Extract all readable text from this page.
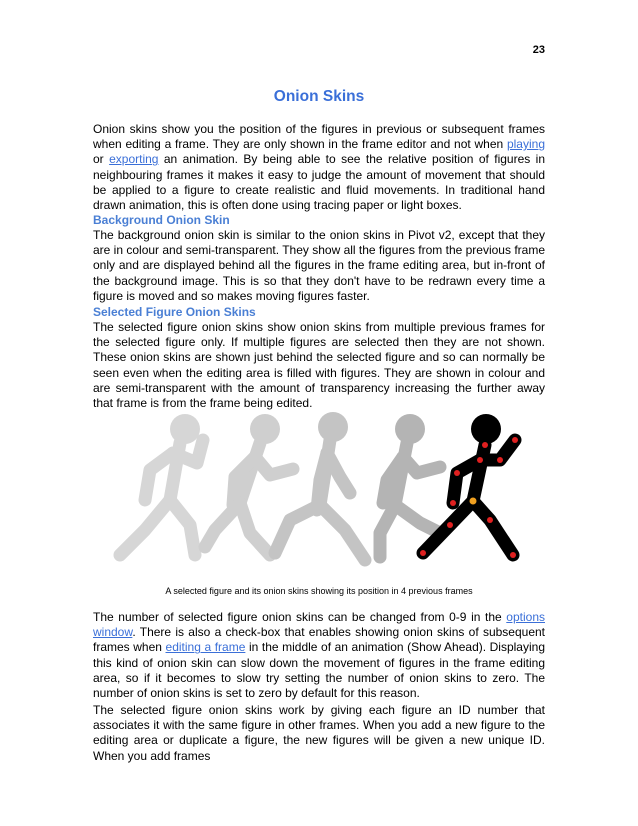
23
Onion Skins
Onion skins show you the position of the figures in previous or subsequent frames when editing a frame. They are only shown in the frame editor and not when playing or exporting an animation. By being able to see the relative position of figures in neighbouring frames it makes it easy to judge the amount of movement that should be applied to a figure to create realistic and fluid movements. In traditional hand drawn animation, this is often done using tracing paper or light boxes.
Background Onion Skin
The background onion skin is similar to the onion skins in Pivot v2, except that they are in colour and semi-transparent. They show all the figures from the previous frame only and are displayed behind all the figures in the frame editing area, but in-front of the background image. This is so that they don't have to be redrawn every time a figure is moved and so makes moving figures faster.
Selected Figure Onion Skins
The selected figure onion skins show onion skins from multiple previous frames for the selected figure only. If multiple figures are selected then they are not shown. These onion skins are shown just behind the selected figure and so can normally be seen even when the editing area is filled with figures. They are shown in colour and are semi-transparent with the amount of transparency increasing the further away that frame is from the frame being edited.
A selected figure and its onion skins showing its position in 4 previous frames
The number of selected figure onion skins can be changed from 0-9 in the options window. There is also a check-box that enables showing onion skins of subsequent frames when editing a frame in the middle of an animation (Show Ahead). Displaying this kind of onion skin can slow down the movement of figures in the frame editing area, so if it becomes to slow try setting the number of onion skins to zero. The number of onion skins is set to zero by default for this reason.
The selected figure onion skins work by giving each figure an ID number that associates it with the same figure in other frames. When you add a new figure to the editing area or duplicate a figure, the new figures will be given a new unique ID. When you add frames
